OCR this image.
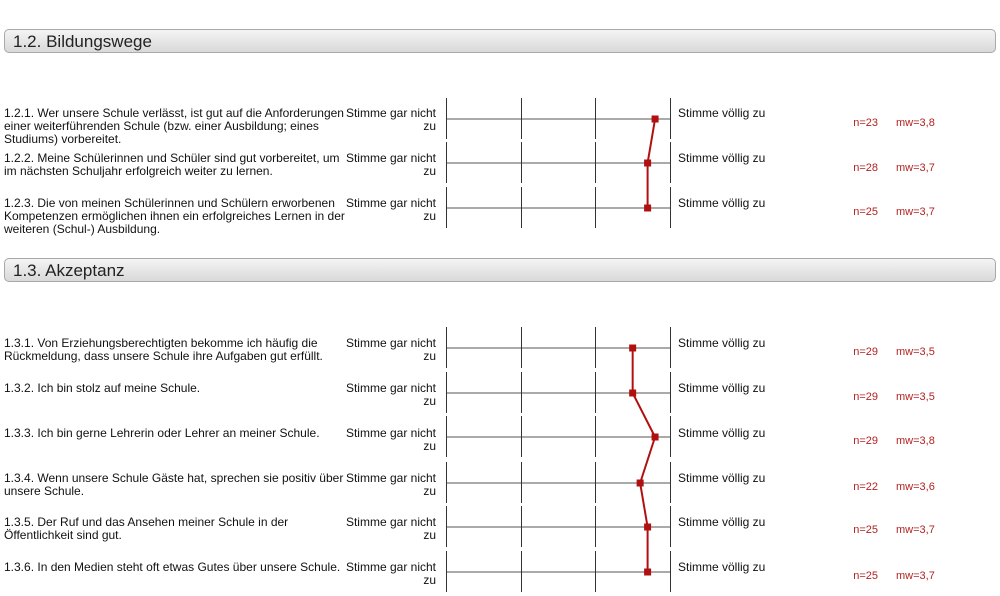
1.2. Bildungswege
1.2.1. Wer unsere Schule verlässt, ist gut auf die Anforderungen einer weiterführenden Schule (bzw. einer Ausbildung; eines Studiums) vorbereitet.
Stimme gar nicht zu
Stimme völlig zu
n=23 mw=3,8
1.2.2. Meine Schülerinnen und Schüler sind gut vorbereitet, um im nächsten Schuljahr erfolgreich weiter zu lernen.
Stimme gar nicht zu
Stimme völlig zu
n=28 mw=3,7
1.2.3. Die von meinen Schülerinnen und Schülern erworbenen Kompetenzen ermöglichen ihnen ein erfolgreiches Lernen in der weiteren (Schul-) Ausbildung.
Stimme gar nicht zu
Stimme völlig zu
n=25 mw=3,7
1.3. Akzeptanz
1.3.1. Von Erziehungsberechtigten bekomme ich häufig die Rückmeldung, dass unsere Schule ihre Aufgaben gut erfüllt.
Stimme gar nicht zu
Stimme völlig zu
n=29 mw=3,5
1.3.2. Ich bin stolz auf meine Schule.	Stimme gar nicht zu
Stimme völlig zu
n=29 mw=3,5
1.3.3. Ich bin gerne Lehrerin oder Lehrer an meiner Schule.	Stimme gar nicht zu
Stimme völlig zu
n=29 mw=3,8
1.3.4. Wenn unsere Schule Gäste hat, sprechen sie positiv über unsere Schule.
Stimme gar nicht zu
Stimme völlig zu
n=22 mw=3,6
1.3.5. Der Ruf und das Ansehen meiner Schule in der Öffentlichkeit sind gut.
Stimme gar nicht zu
Stimme völlig zu
n=25 mw=3,7
1.3.6. In den Medien steht oft etwas Gutes über unsere Schule. Stimme gar nicht zu
Stimme völlig zu
n=25 mw=3,7
